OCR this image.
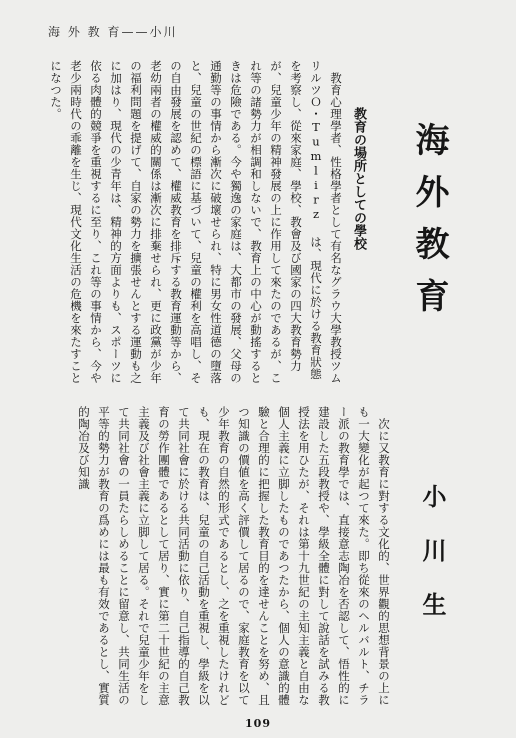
海 外 教 育——小川
海外教育
小川生
教育の場所としての學校

教育心理學者、性格學者として有名なグラウ大學教授ツムリルツＯ・Tumlirz は、現代に於ける教育狀態を考察し、從來家庭、學校、教會及び國家の四大教育勢力が、兒童少年の精神發展の上に作用して來たのであるが、これ等の諸勢力が相調和しないで、教育上の中心が動搖するときは危險である。今や獨逸の家庭は、大都市の發展、父母の通勤等の事情から漸次に破壞せられ、特に男女性道德の墮落と、兒童の世紀の標語に基づいて、兒童の權利を高唱し、その自由發展を認めて、權威教育を排斥する教育運動等から、老幼兩者の權威的關係は漸次に排棄せられ、更に政黨が少年の福利問題を提げて、自家の勢力を擴張せんとする運動も之に加はり、現代の少青年は、精神的方面よりも、スポーツに依る肉體的競爭を重視するに至り、これ等の事情から、今や老少兩時代の乖離を生じ、現代文化生活の危機を來たすことになつた。

次に又教育に對する文化的、世界觀的思想背景の上にも一大變化が起つて來た。即ち從來のヘルバルト、チラー派の教育學では、直接意志陶冶を否認して、悟性的に建設した五段教授や、學級全體に對して說話を試みる教授法を用ひたが、それは第十九世紀の主知主義と自由な個人主義に立脚したものであつたから、個人の意識的體驗と合理的に把握した教育目的を達せんことを努め、且つ知識の價値を高く評價して居るので、家庭教育を以て少年教育の自然的形式であるとし、之を重視したけれども、現在の教育は、兒童の自己活動を重視し、學級を以て共同社會に於ける共同活動に依り、自己指導的自己教育の勞作團體であるとして居り、實に第二十世紀の主意主義及び社會主義に立脚して居る。それで兒童少年をして共同社會の一員たらしめることに留意し、共同生活の平等的勢力が教育の爲めには最も有效であるとし、實質的陶冶及び知識

109
